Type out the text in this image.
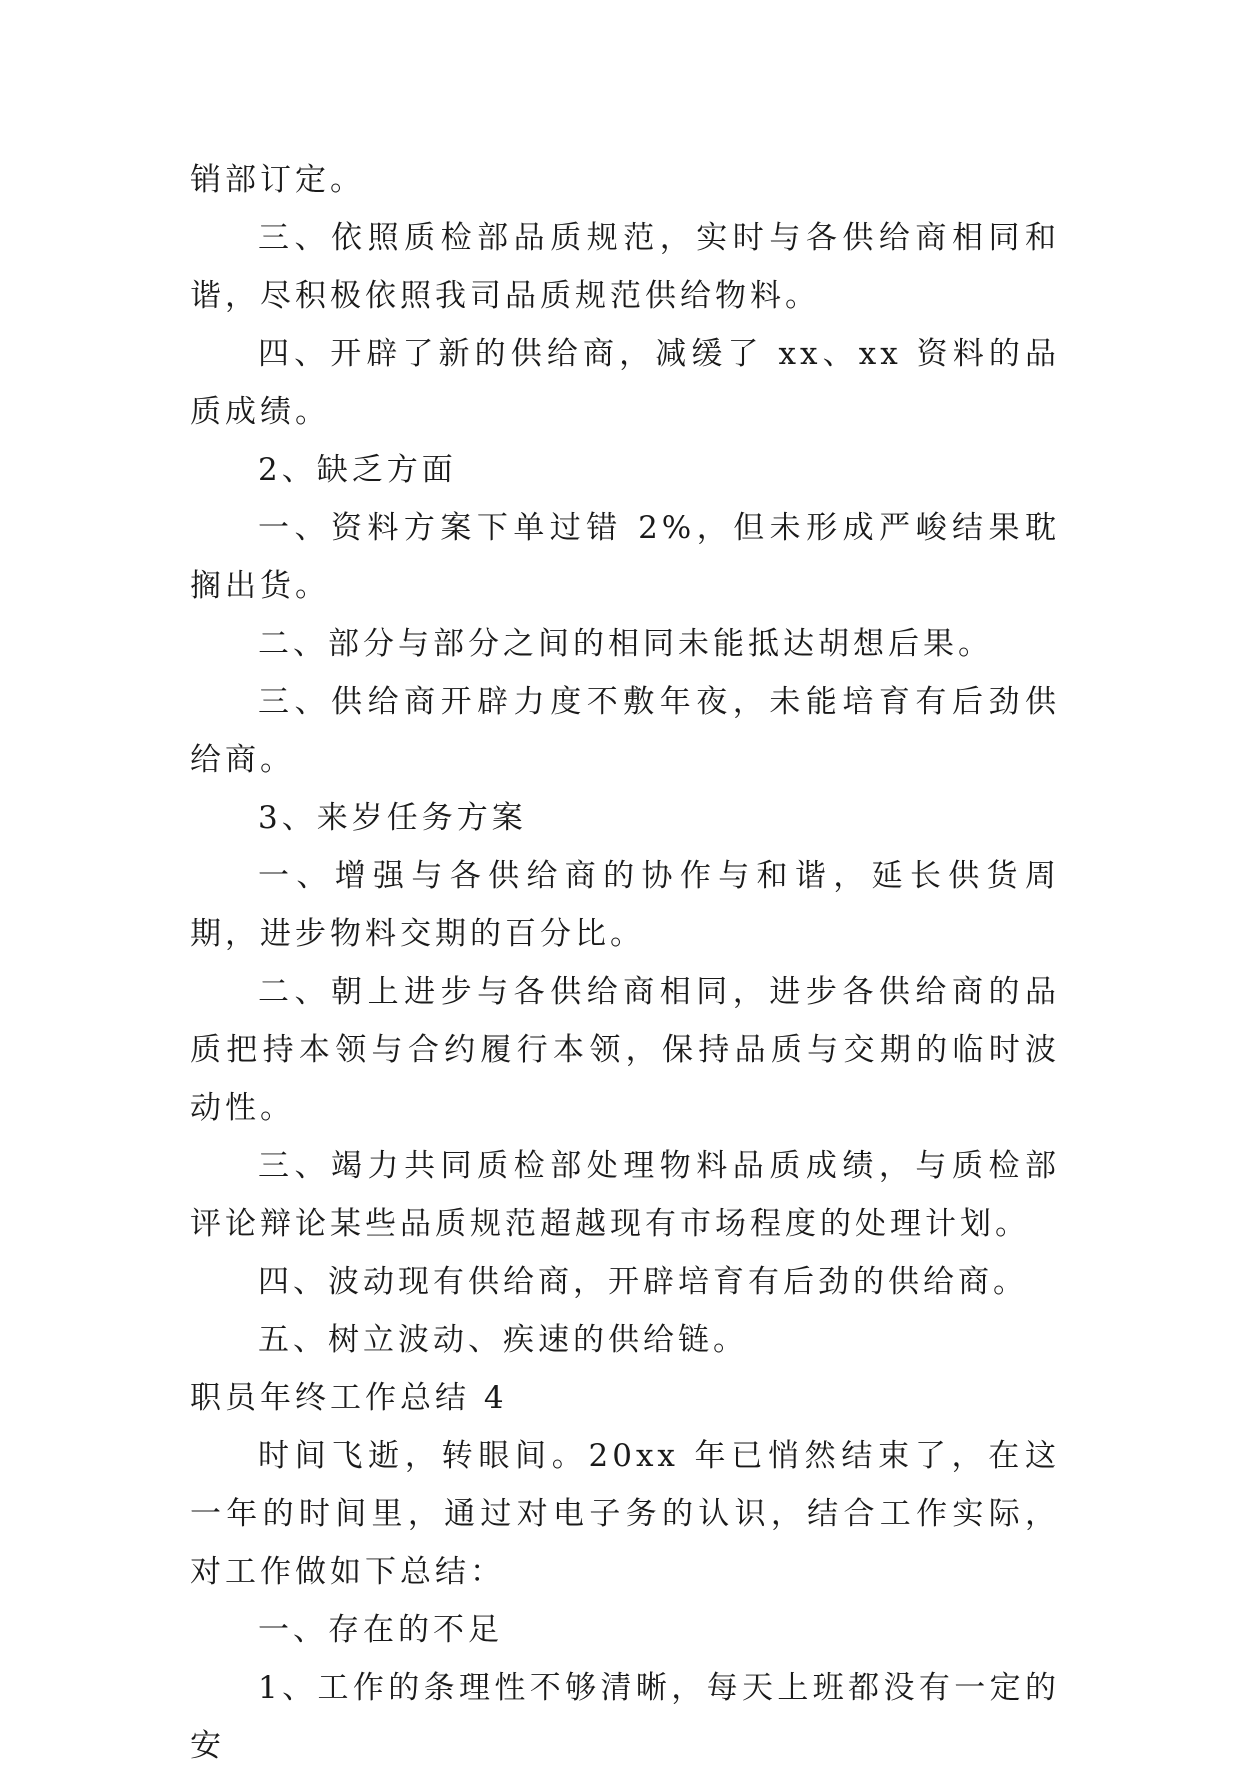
销部订定。

三、依照质检部品质规范，实时与各供给商相同和谐，尽积极依照我司品质规范供给物料。

四、开辟了新的供给商，减缓了 xx、xx 资料的品质成绩。

2、缺乏方面

一、资料方案下单过错 2%，但未形成严峻结果耽搁出货。

二、部分与部分之间的相同未能抵达胡想后果。

三、供给商开辟力度不敷年夜，未能培育有后劲供给商。

3、来岁任务方案

一、增强与各供给商的协作与和谐，延长供货周期，进步物料交期的百分比。

二、朝上进步与各供给商相同，进步各供给商的品质把持本领与合约履行本领，保持品质与交期的临时波动性。

三、竭力共同质检部处理物料品质成绩，与质检部评论辩论某些品质规范超越现有市场程度的处理计划。

四、波动现有供给商，开辟培育有后劲的供给商。

五、树立波动、疾速的供给链。

职员年终工作总结 4

时间飞逝，转眼间。20xx 年已悄然结束了，在这一年的时间里，通过对电子务的认识，结合工作实际，对工作做如下总结：

一、存在的不足

1、工作的条理性不够清晰，每天上班都没有一定的安
